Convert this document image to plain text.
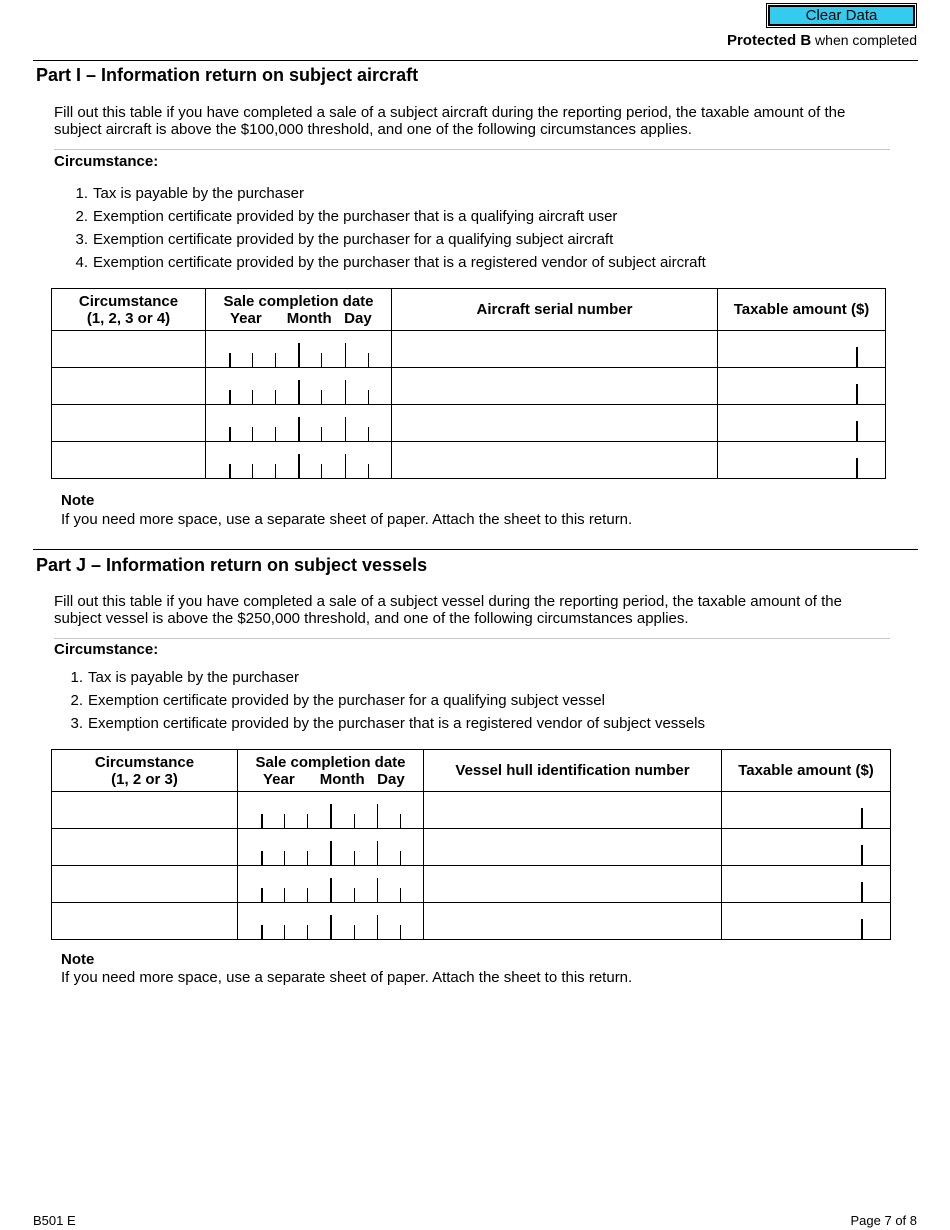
Clear Data
Protected B when completed
Part I – Information return on subject aircraft
Fill out this table if you have completed a sale of a subject aircraft during the reporting period, the taxable amount of the subject aircraft is above the $100,000 threshold, and one of the following circumstances applies.
Circumstance:
1. Tax is payable by the purchaser
2. Exemption certificate provided by the purchaser that is a qualifying aircraft user
3. Exemption certificate provided by the purchaser for a qualifying subject aircraft
4. Exemption certificate provided by the purchaser that is a registered vendor of subject aircraft
Circumstance
(1, 2, 3 or 4)	Sale completion date
Year      Month   Day	Aircraft serial number	Taxable amount ($)

Note
If you need more space, use a separate sheet of paper. Attach the sheet to this return.
Part J – Information return on subject vessels
Fill out this table if you have completed a sale of a subject vessel during the reporting period, the taxable amount of the subject vessel is above the $250,000 threshold, and one of the following circumstances applies.
Circumstance:
1. Tax is payable by the purchaser
2. Exemption certificate provided by the purchaser for a qualifying subject vessel
3. Exemption certificate provided by the purchaser that is a registered vendor of subject vessels
Circumstance
(1, 2 or 3)	Sale completion date
Year      Month   Day	Vessel hull identification number	Taxable amount ($)

Note
If you need more space, use a separate sheet of paper. Attach the sheet to this return.
B501 E	Page 7 of 8
